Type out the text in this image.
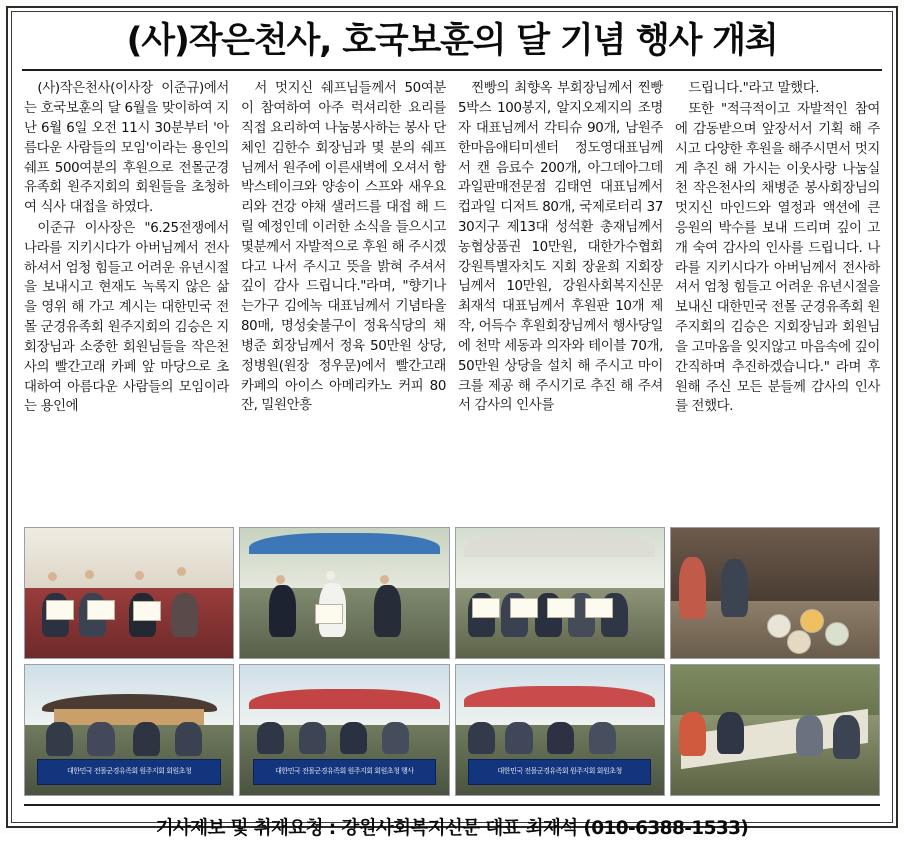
(사)작은천사, 호국보훈의 달 기념 행사 개최

(사)작은천사(이사장 이준규)에서는 호국보훈의 달 6월을 맞이하여 지난 6월 6일 오전 11시 30분부터 '아름다운 사람들의 모임'이라는 용인의 쉐프 500여분의 후원으로 전몰군경유족회 원주지회의 회원들을 초청하여 식사 대접을 하였다.

이준규 이사장은 "6.25전쟁에서 나라를 지키시다가 아버님께서 전사하셔서 엄청 힘들고 어려운 유년시절을 보내시고 현재도 녹록지 않은 삶을 영위 해 가고 계시는 대한민국 전몰 군경유족회 원주지회의 김승은 지회장님과 소중한 회원님들을 작은천사의 빨간고래 카페 앞 마당으로 초대하여 아름다운 사람들의 모임이라는 용인에

서 멋지신 쉐프님들께서 50여분이 참여하여 아주 럭셔리한 요리를 직접 요리하여 나눔봉사하는 봉사 단체인 김한수 회장님과 몇 분의 쉐프님께서 원주에 이른새벽에 오셔서 함박스테이크와 양송이 스프와 새우요리와 건강 야채 샐러드를 대접 해 드릴 예정인데 이러한 소식을 들으시고 몇분께서 자발적으로 후원 해 주시겠다고 나서 주시고 뜻을 밝혀 주셔서 깊이 감사 드립니다."라며, "향기나는가구 김에녹 대표님께서 기념타올 80매, 명성숯불구이 정육식당의 채병준 회장님께서 정육 50만원 상당, 정병원(원장 정우문)에서 빨간고래카페의 아이스 아메리카노 커피 80잔, 밀원안흥

찐빵의 최향옥 부회장님께서 찐빵 5박스 100봉지, 알지오제지의 조명자 대표님께서 각티슈 90개, 남원주한마음애티미센터 정도영대표님께서 캔 음료수 200개, 아그데아그데 과일판매전문점 김태연 대표님께서 컵과일 디저트 80개, 국제로터리 3730지구 제13대 성석환 총재님께서 농협상품권 10만원, 대한가수협회 강원특별자치도 지회 장윤희 지회장님께서 10만원, 강원사회복지신문 최재석 대표님께서 후원판 10개 제작, 어득수 후원회장님께서 행사당일에 천막 세동과 의자와 테이블 70개, 50만원 상당을 설치 해 주시고 마이크를 제공 해 주시기로 추진 해 주셔서 감사의 인사를

드립니다."라고 말했다.

또한 "적극적이고 자발적인 참여에 감동받으며 앞장서서 기획 해 주시고 다양한 후원을 해주시면서 멋지게 추진 해 가시는 이웃사랑 나눔실천 작은천사의 채병준 봉사회장님의 멋지신 마인드와 열정과 액션에 큰 응원의 박수를 보내 드리며 깊이 고개 숙여 감사의 인사를 드립니다. 나라를 지키시다가 아버님께서 전사하셔서 엄청 힘들고 어려운 유년시절을 보내신 대한민국 전몰 군경유족회 원주지회의 김승은 지회장님과 회원님을 고마움을 잊지않고 마음속에 깊이 간직하며 추진하겠습니다." 라며 후원해 주신 모든 분들께 감사의 인사를 전했다.

대한민국 전몰군경유족회 원주지회 회원초청	대한민국 전몰군경유족회 원주지회 회원초청 행사	대한민국 전몰군경유족회 원주지회 회원초청
기사제보 및 취재요청 : 강원사회복지신문 대표 최재석 (010-6388-1533)
